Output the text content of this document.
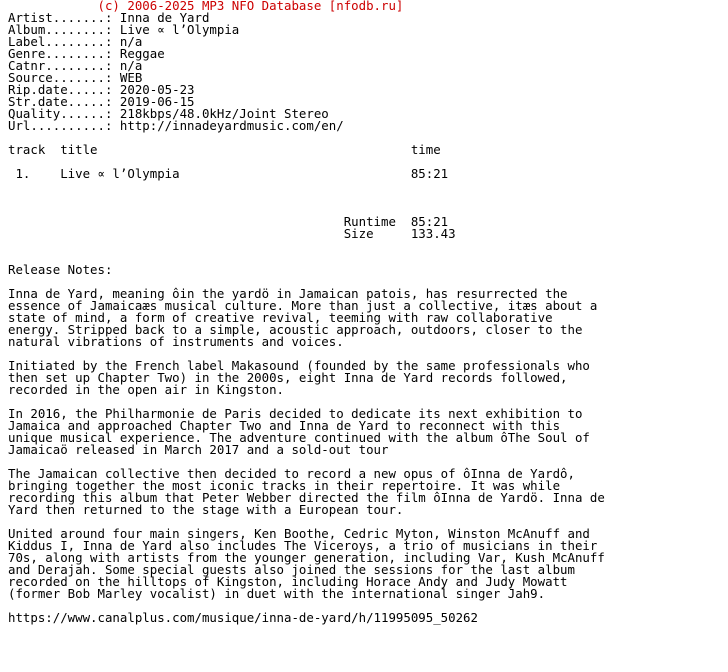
(c) 2006-2025 MP3 NFO Database [nfodb.ru]
Artist.......: Inna de Yard
Album........: Live ∝ l’Olympia
Label........: n/a
Genre........: Reggae
Catnr........: n/a
Source.......: WEB
Rip.date.....: 2020-05-23
Str.date.....: 2019-06-15
Quality......: 218kbps/48.0kHz/Joint Stereo
Url..........: http://innadeyardmusic.com/en/
track  title                                          time
1.    Live ∝ l’Olympia                               85:21
Runtime  85:21
Size     133.43
Release Notes:
Inna de Yard, meaning ôin the yardö in Jamaican patois, has resurrected the
essence of Jamaicaæs musical culture. More than just a collective, itæs about a
state of mind, a form of creative revival, teeming with raw collaborative
energy. Stripped back to a simple, acoustic approach, outdoors, closer to the
natural vibrations of instruments and voices.
Initiated by the French label Makasound (founded by the same professionals who
then set up Chapter Two) in the 2000s, eight Inna de Yard records followed,
recorded in the open air in Kingston.
In 2016, the Philharmonie de Paris decided to dedicate its next exhibition to
Jamaica and approached Chapter Two and Inna de Yard to reconnect with this
unique musical experience. The adventure continued with the album ôThe Soul of
Jamaicaö released in March 2017 and a sold-out tour
The Jamaican collective then decided to record a new opus of ôInna de Yardô,
bringing together the most iconic tracks in their repertoire. It was while
recording this album that Peter Webber directed the film ôInna de Yardö. Inna de
Yard then returned to the stage with a European tour.
United around four main singers, Ken Boothe, Cedric Myton, Winston McAnuff and
Kiddus I, Inna de Yard also includes The Viceroys, a trio of musicians in their
70s, along with artists from the younger generation, including Var, Kush McAnuff
and Derajah. Some special guests also joined the sessions for the last album
recorded on the hilltops of Kingston, including Horace Andy and Judy Mowatt
(former Bob Marley vocalist) in duet with the international singer Jah9.
https://www.canalplus.com/musique/inna-de-yard/h/11995095_50262
